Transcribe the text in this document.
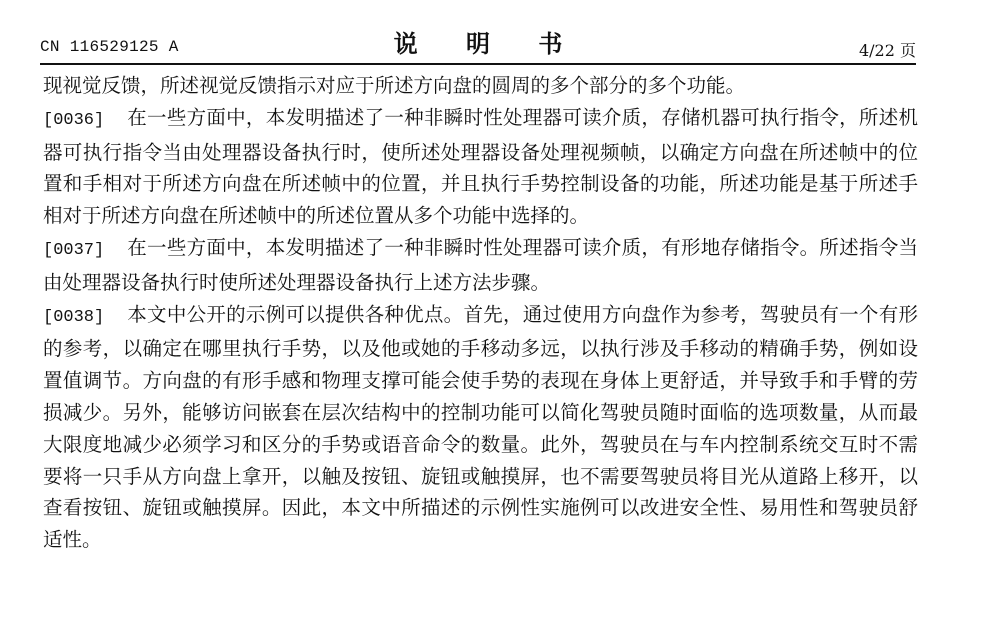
CN 116529125 A	说 明 书	4/22 页

现视觉反馈，所述视觉反馈指示对应于所述方向盘的圆周的多个部分的多个功能。

[0036] 在一些方面中，本发明描述了一种非瞬时性处理器可读介质，存储机器可执行指令，所述机器可执行指令当由处理器设备执行时，使所述处理器设备处理视频帧，以确定方向盘在所述帧中的位置和手相对于所述方向盘在所述帧中的位置，并且执行手势控制设备的功能，所述功能是基于所述手相对于所述方向盘在所述帧中的所述位置从多个功能中选择的。

[0037] 在一些方面中，本发明描述了一种非瞬时性处理器可读介质，有形地存储指令。所述指令当由处理器设备执行时使所述处理器设备执行上述方法步骤。

[0038] 本文中公开的示例可以提供各种优点。首先，通过使用方向盘作为参考，驾驶员有一个有形的参考，以确定在哪里执行手势，以及他或她的手移动多远，以执行涉及手移动的精确手势，例如设置值调节。方向盘的有形手感和物理支撑可能会使手势的表现在身体上更舒适，并导致手和手臂的劳损减少。另外，能够访问嵌套在层次结构中的控制功能可以简化驾驶员随时面临的选项数量，从而最大限度地减少必须学习和区分的手势或语音命令的数量。此外，驾驶员在与车内控制系统交互时不需要将一只手从方向盘上拿开，以触及按钮、旋钮或触摸屏，也不需要驾驶员将目光从道路上移开，以查看按钮、旋钮或触摸屏。因此，本文中所描述的示例性实施例可以改进安全性、易用性和驾驶员舒适性。
